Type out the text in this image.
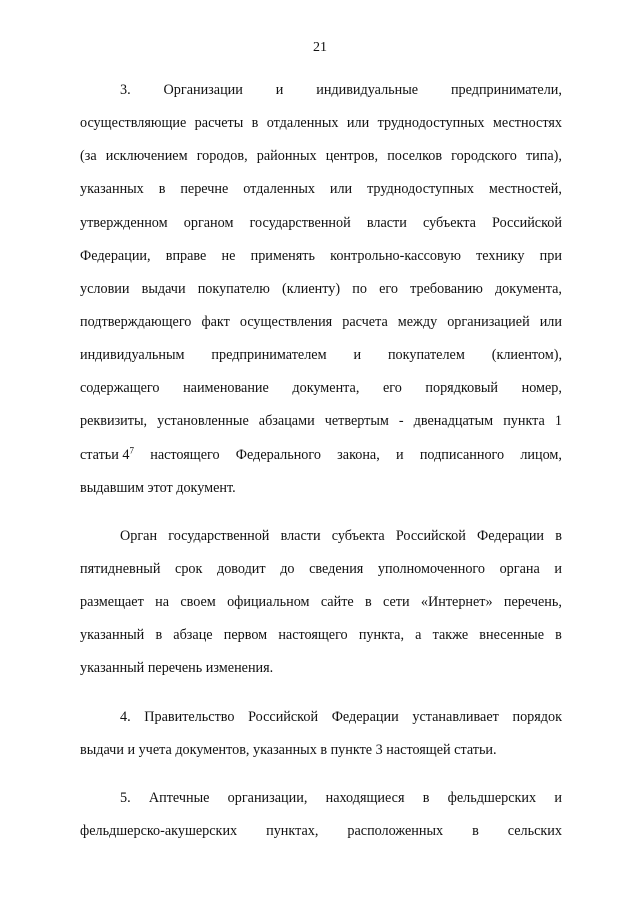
21
3. Организации и индивидуальные предприниматели,
осуществляющие расчеты в отдаленных или труднодоступных местностях
(за исключением городов, районных центров, поселков городского типа),
указанных в перечне отдаленных или труднодоступных местностей,
утвержденном органом государственной власти субъекта Российской
Федерации, вправе не применять контрольно-кассовую технику при
условии выдачи покупателю (клиенту) по его требованию документа,
подтверждающего факт осуществления расчета между организацией или
индивидуальным предпринимателем и покупателем (клиентом),
содержащего наименование документа, его порядковый номер,
реквизиты, установленные абзацами четвертым - двенадцатым пункта 1
статьи $4^7$ настоящего Федерального закона, и подписанного лицом,
выдавшим этот документ.
Орган государственной власти субъекта Российской Федерации в
пятидневный срок доводит до сведения уполномоченного органа и
размещает на своем официальном сайте в сети «Интернет» перечень,
указанный в абзаце первом настоящего пункта, а также внесенные в
указанный перечень изменения.
4. Правительство Российской Федерации устанавливает порядок
выдачи и учета документов, указанных в пункте 3 настоящей статьи.
5. Аптечные организации, находящиеся в фельдшерских и
фельдшерско-акушерских пунктах, расположенных в сельских
